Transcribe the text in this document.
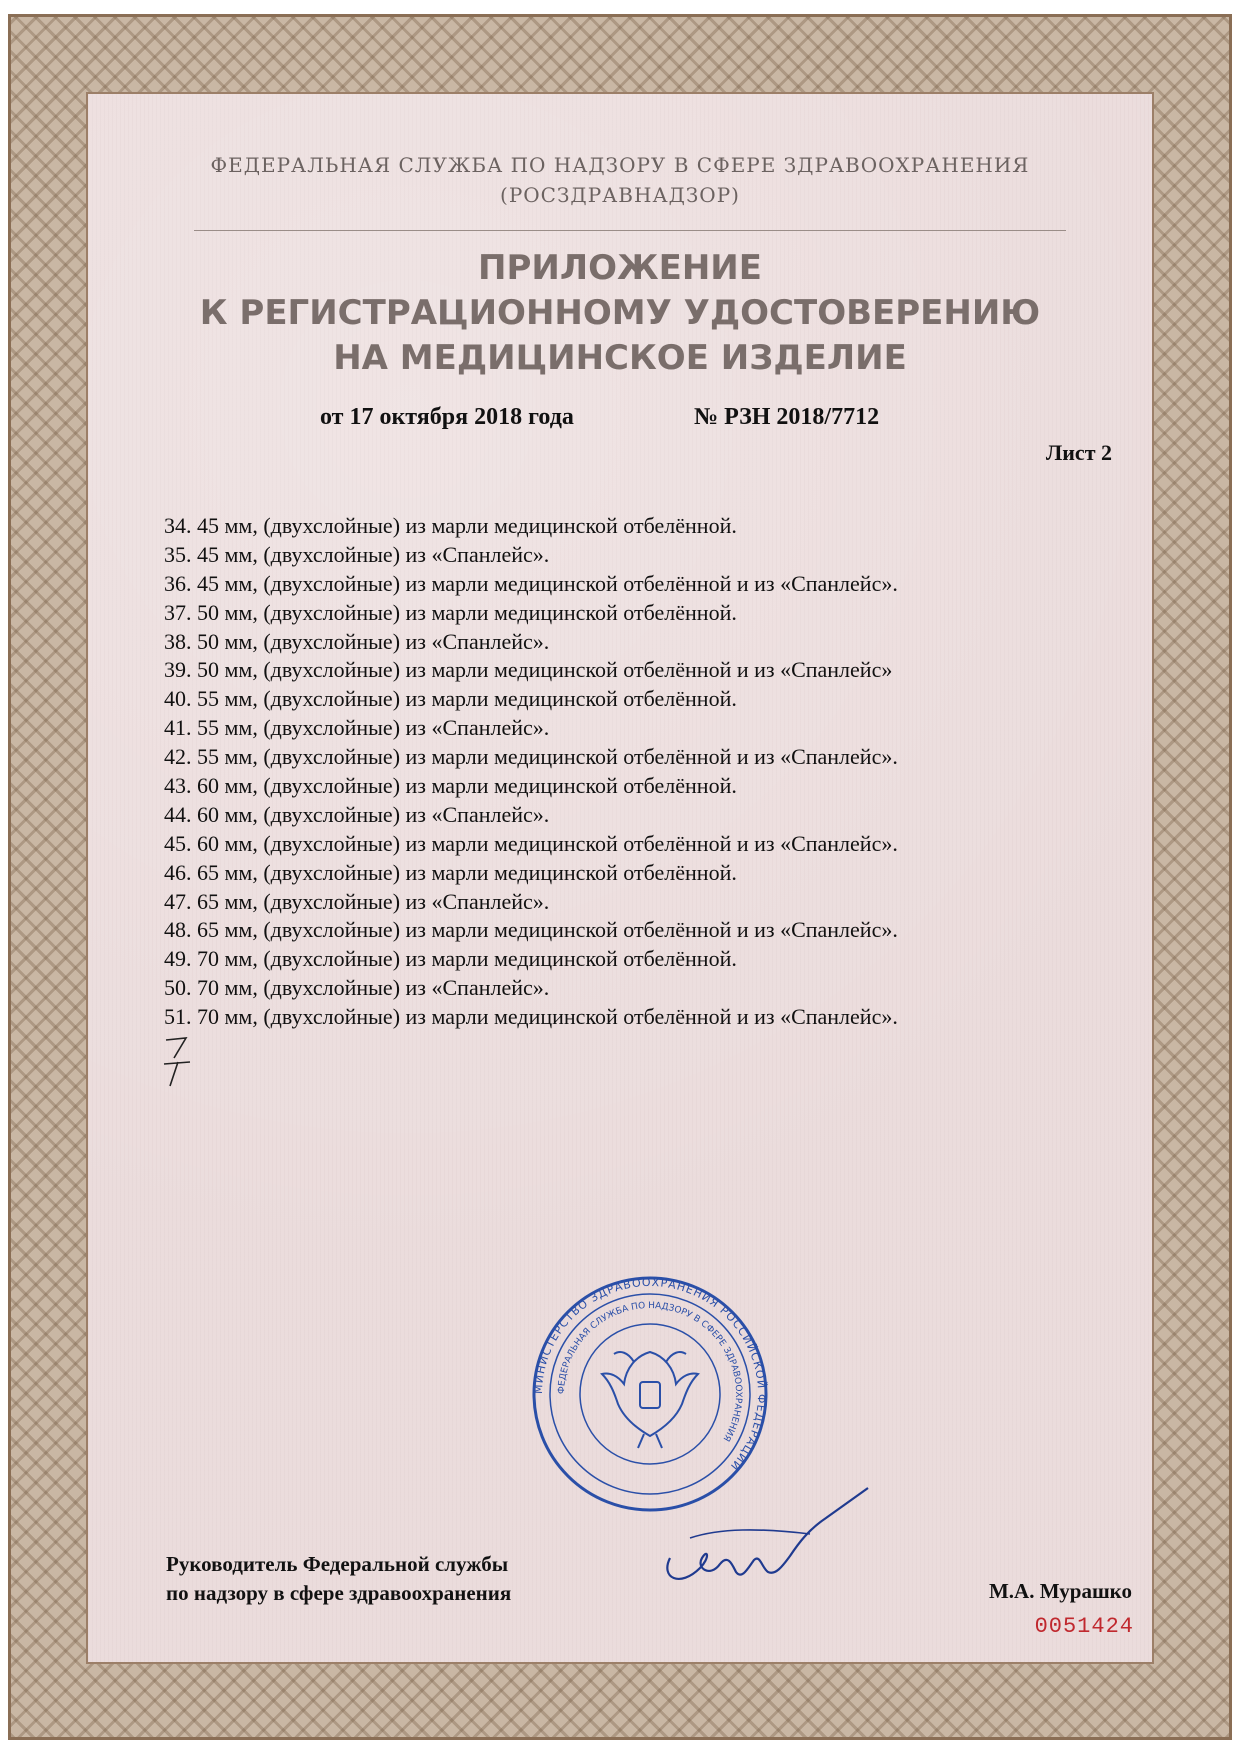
ФЕДЕРАЛЬНАЯ СЛУЖБА ПО НАДЗОРУ В СФЕРЕ ЗДРАВООХРАНЕНИЯ
(РОСЗДРАВНАДЗОР)
ПРИЛОЖЕНИЕ
К РЕГИСТРАЦИОННОМУ УДОСТОВЕРЕНИЮ
НА МЕДИЦИНСКОЕ ИЗДЕЛИЕ
от 17 октября 2018 года	№ РЗН 2018/7712
Лист 2
34. 45 мм, (двухслойные) из марли медицинской отбелённой.
35. 45 мм, (двухслойные) из «Спанлейс».
36. 45 мм, (двухслойные) из марли медицинской отбелённой и из «Спанлейс».
37. 50 мм, (двухслойные) из марли медицинской отбелённой.
38. 50 мм, (двухслойные) из «Спанлейс».
39. 50 мм, (двухслойные) из марли медицинской отбелённой и из «Спанлейс»
40. 55 мм, (двухслойные) из марли медицинской отбелённой.
41. 55 мм, (двухслойные) из «Спанлейс».
42. 55 мм, (двухслойные) из марли медицинской отбелённой и из «Спанлейс».
43. 60 мм, (двухслойные) из марли медицинской отбелённой.
44. 60 мм, (двухслойные) из «Спанлейс».
45. 60 мм, (двухслойные) из марли медицинской отбелённой и из «Спанлейс».
46. 65 мм, (двухслойные) из марли медицинской отбелённой.
47. 65 мм, (двухслойные) из «Спанлейс».
48. 65 мм, (двухслойные) из марли медицинской отбелённой и из «Спанлейс».
49. 70 мм, (двухслойные) из марли медицинской отбелённой.
50. 70 мм, (двухслойные) из «Спанлейс».
51. 70 мм, (двухслойные) из марли медицинской отбелённой и из «Спанлейс».
МИНИСТЕРСТВО ЗДРАВООХРАНЕНИЯ РОССИЙСКОЙ ФЕДЕРАЦИИ
ФЕДЕРАЛЬНАЯ СЛУЖБА ПО НАДЗОРУ В СФЕРЕ ЗДРАВООХРАНЕНИЯ
Руководитель Федеральной службы
по надзору в сфере здравоохранения	М.А. Мурашко
0051424
